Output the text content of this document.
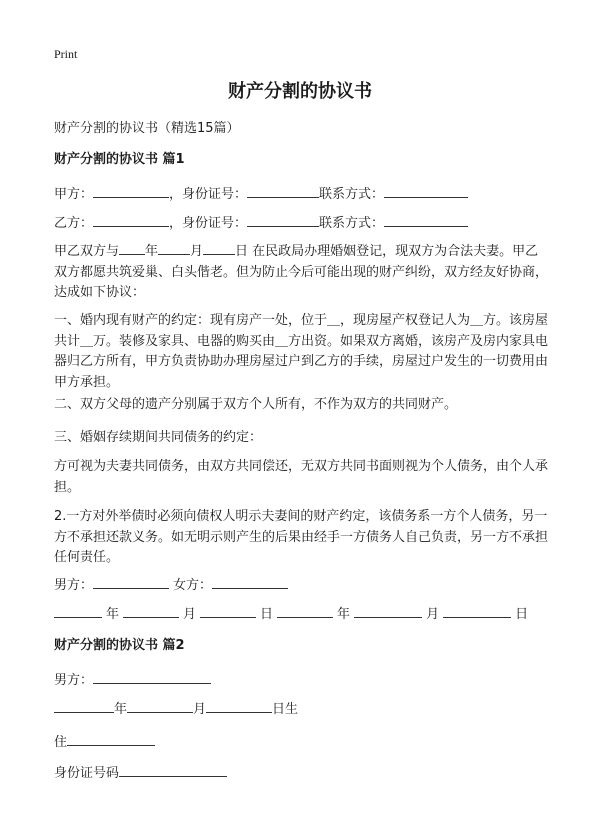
Print
财产分割的协议书
财产分割的协议书（精选15篇）
财产分割的协议书 篇1
甲方：	，身份证号：	联系方式：
乙方：	，身份证号：	联系方式：
甲乙双方与 年 月 日 在民政局办理婚姻登记，现双方为合法夫妻。甲乙双方都愿共筑爱巢、白头偕老。但为防止今后可能出现的财产纠纷，双方经友好协商，达成如下协议：
一、婚内现有财产的约定：现有房产一处，位于＿，现房屋产权登记人为＿方。该房屋共计＿万。装修及家具、电器的购买由＿方出资。如果双方离婚，该房产及房内家具电器归乙方所有，甲方负责协助办理房屋过户到乙方的手续，房屋过户发生的一切费用由甲方承担。
二、双方父母的遗产分别属于双方个人所有，不作为双方的共同财产。
三、婚姻存续期间共同债务的约定：
方可视为夫妻共同债务，由双方共同偿还，无双方共同书面则视为个人债务，由个人承担。
2.一方对外举债时必须向债权人明示夫妻间的财产约定，该债务系一方个人债务，另一方不承担还款义务。如无明示则产生的后果由经手一方债务人自己负责，另一方不承担任何责任。
男方：	女方：
年	月	日	年	月	日
财产分割的协议书 篇2
男方：
年	月	日生
住
身份证号码
